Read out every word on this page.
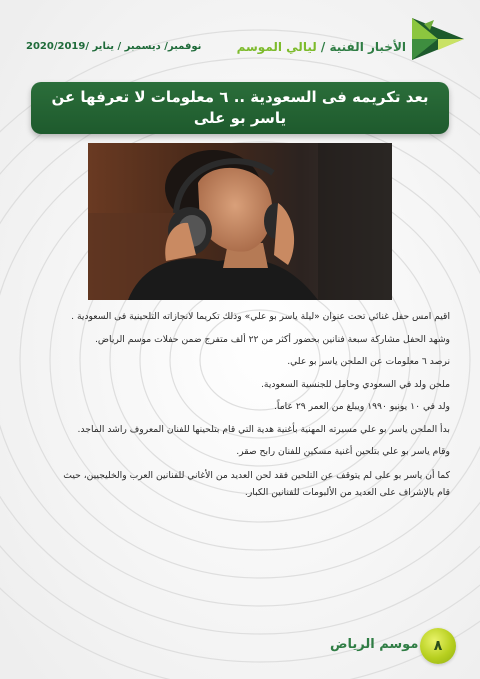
الأخبار الفنية / ليالي الموسم
نوفمبر/ ديسمبر / يناير /2020/2019
بعد تكريمه فى السعودية .. ٦ معلومات لا تعرفها عن ياسر بو على

اقيم امس حفل غنائي تحت عنوان «ليلة ياسر بو علي» وذلك تكريما لانجازاته التلحينية فى السعودية .

وشهد الحفل مشاركة سبعة فنانين بحضور أكثر من ٢٢ ألف متفرج ضمن حفلات موسم الرياض.

نرصد ٦ معلومات عن الملحن ياسر بو علي.

ملحن ولد في السعودي وحامل للجنسية السعودية.

ولد في ١٠ يونيو ١٩٩٠ ويبلغ من العمر ٢٩ عاماً.

بدأ الملحن ياسر بو علي مسيرته المهنية بأغنية هدية التي قام بتلحينها للفنان المعروف راشد الماجد.

وقام ياسر بو علي بتلحين أغنية مسكين للفنان رابح صقر.

كما أن ياسر بو على لم يتوقف عن التلحين فقد لحن العديد من الأغاني للفنانين العرب والخليجيين، حيث

قام بالإشراف على العديد من الألبومات للفنانين الكبار.

موسم الرياض ٨
